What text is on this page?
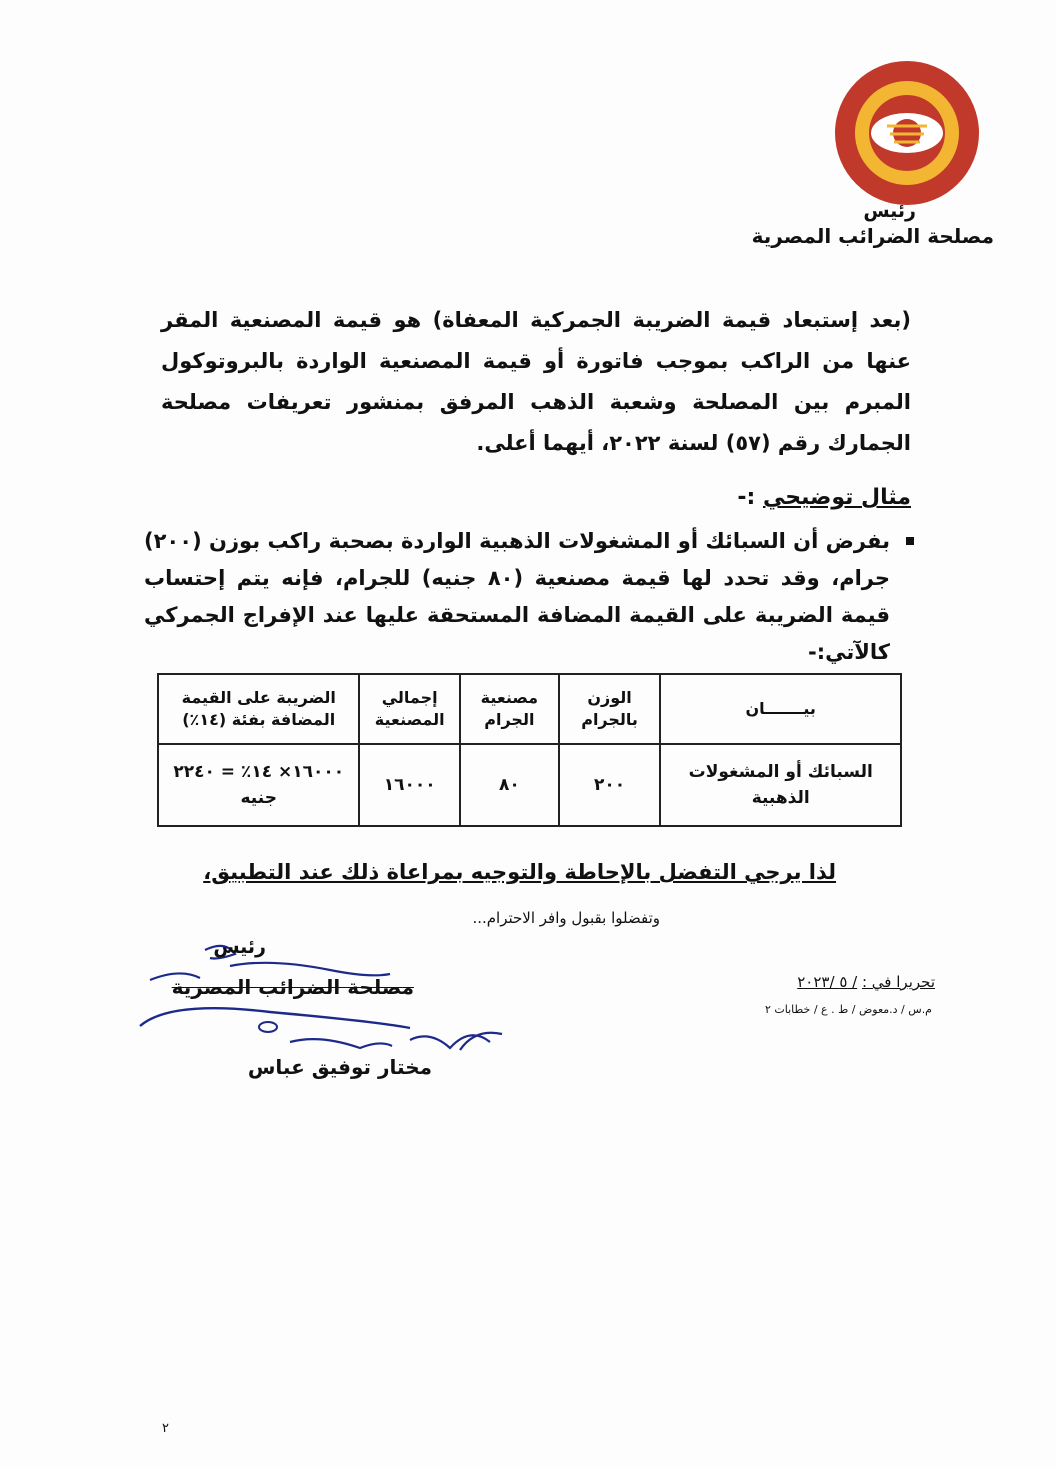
رئيس
مصلحة الضرائب المصرية
(بعد إستبعاد قيمة الضريبة الجمركية المعفاة) هو قيمة المصنعية المقر عنها من الراكب بموجب فاتورة أو قيمة المصنعية الواردة بالبروتوكول المبرم بين المصلحة وشعبة الذهب المرفق بمنشور تعريفات مصلحة الجمارك رقم (٥٧) لسنة ٢٠٢٢، أيهما أعلى.
مثال توضيحي :-
بفرض أن السبائك أو المشغولات الذهبية الواردة بصحبة راكب بوزن (٢٠٠) جرام، وقد تحدد لها قيمة مصنعية (٨٠ جنيه) للجرام، فإنه يتم إحتساب قيمة الضريبة على القيمة المضافة المستحقة عليها عند الإفراج الجمركي كالآتي:-
بيـــــــان	الوزن بالجرام	مصنعية الجرام	إجمالي المصنعية	الضريبة على القيمة المضافة بفئة (١٤٪)
السبائك أو المشغولات الذهبية	٢٠٠	٨٠	١٦٠٠٠	١٦٠٠٠× ١٤٪ = ٢٢٤٠ جنيه
لذا يرجي التفضل بالإحاطة والتوجيه بمراعاة ذلك عند التطبيق،
وتفضلوا بقبول وافر الاحترام...
رئيس
مصلحة الضرائب المصرية
مختار توفيق عباس
تحريرا في : / ٥ /٢٠٢٣
م.س / د.معوض / ط . ع / خطابات ٢
٢
